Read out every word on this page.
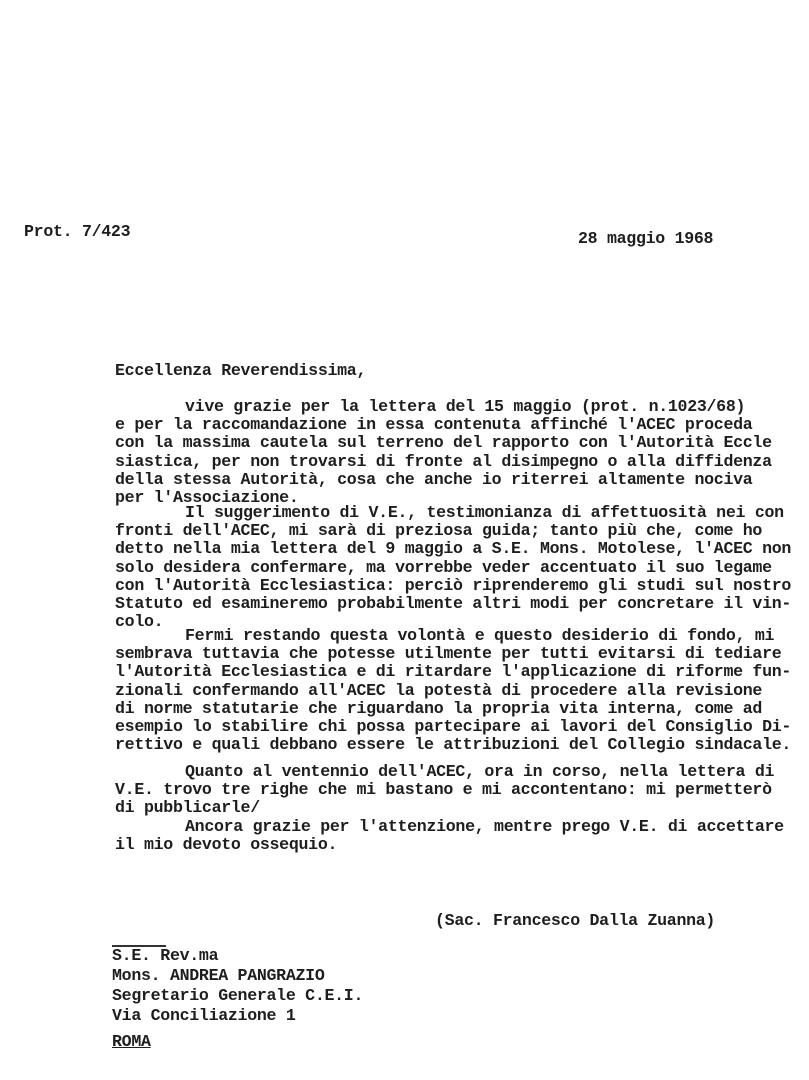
Prot. 7/423	28 maggio 1968
Eccellenza Reverendissima,
vive grazie per la lettera del 15 maggio (prot. n.1023/68)
e per la raccomandazione in essa contenuta affinché l'ACEC proceda
con la massima cautela sul terreno del rapporto con l'Autorità Eccle
siastica, per non trovarsi di fronte al disimpegno o alla diffidenza
della stessa Autorità, cosa che anche io riterrei altamente nociva
per l'Associazione.
Il suggerimento di V.E., testimonianza di affettuosità nei con
fronti dell'ACEC, mi sarà di preziosa guida; tanto più che, come ho
detto nella mia lettera del 9 maggio a S.E. Mons. Motolese, l'ACEC non
solo desidera confermare, ma vorrebbe veder accentuato il suo legame
con l'Autorità Ecclesiastica: perciò riprenderemo gli studi sul nostro
Statuto ed esamineremo probabilmente altri modi per concretare il vin-
colo.
Fermi restando questa volontà e questo desiderio di fondo, mi
sembrava tuttavia che potesse utilmente per tutti evitarsi di tediare
l'Autorità Ecclesiastica e di ritardare l'applicazione di riforme fun-
zionali confermando all'ACEC la potestà di procedere alla revisione
di norme statutarie che riguardano la propria vita interna, come ad
esempio lo stabilire chi possa partecipare ai lavori del Consiglio Di-
rettivo e quali debbano essere le attribuzioni del Collegio sindacale.
Quanto al ventennio dell'ACEC, ora in corso, nella lettera di
V.E. trovo tre righe che mi bastano e mi accontentano: mi permetterò
di pubblicarle/
Ancora grazie per l'attenzione, mentre prego V.E. di accettare
il mio devoto ossequio.
(Sac. Francesco Dalla Zuanna)
S.E. Rev.ma
Mons. ANDREA PANGRAZIO
Segretario Generale C.E.I.
Via Conciliazione 1
ROMA
